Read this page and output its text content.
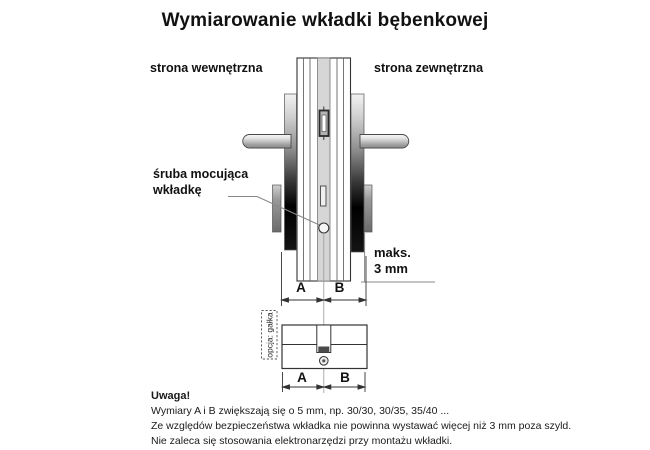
Wymiarowanie wkładki bębenkowej
strona wewnętrzna	strona zewnętrzna
śruba mocująca
wkładkę
maks.
3 mm
A B
opcja: gałka
A B
Uwaga!
Wymiary A i B zwiększają się o 5 mm, np. 30/30, 30/35, 35/40 ...
Ze względów bezpieczeństwa wkładka nie powinna wystawać więcej niż 3 mm poza szyld.
Nie zaleca się stosowania elektronarzędzi przy montażu wkładki.
